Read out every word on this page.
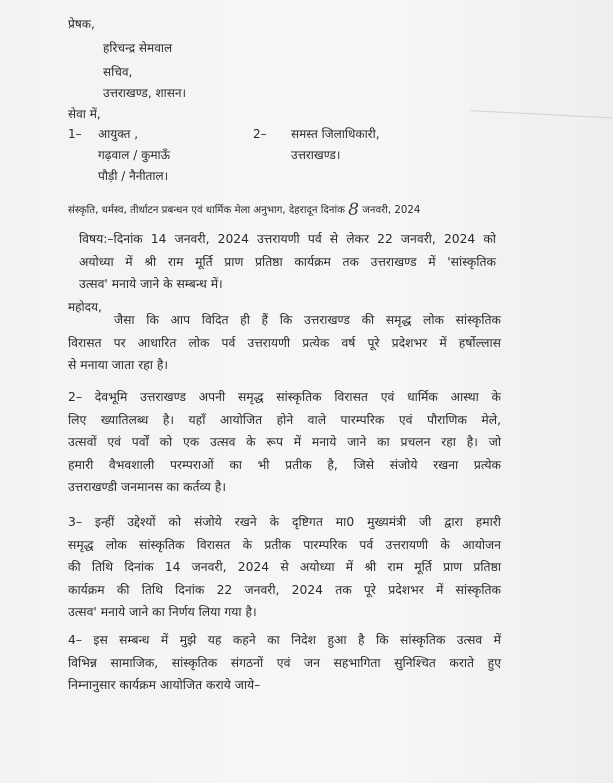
प्रेषक,
हरिचन्द्र सेमवाल
सचिव,
उत्तराखण्ड, शासन।
सेवा में,
1– आयुक्त ,
गढ़वाल / कुमाऊँ
पौड़ी / नैनीताल।
2– समस्त जिलाधिकारी,
उत्तराखण्ड।
संस्कृति, धर्मस्व, तीर्थाटन प्रबन्धन एवं धार्मिक मेला अनुभाग, देहरादून दिनांक 8 जनवरी, 2024
विषय:–दिनांक 14 जनवरी, 2024 उत्तरायणी पर्व से लेकर 22 जनवरी, 2024 को
अयोध्या में श्री राम मूर्ति प्राण प्रतिष्ठा कार्यक्रम तक उत्तराखण्ड में 'सांस्कृतिक
उत्सव' मनाये जाने के सम्बन्ध में।
महोदय,
जैसा कि आप विदित ही हैं कि उत्तराखण्ड की समृद्ध लोक सांस्कृतिक
विरासत पर आधारित लोक पर्व उत्तरायणी प्रत्येक वर्ष पूरे प्रदेशभर में हर्षोल्लास
से मनाया जाता रहा है।
2– देवभूमि उत्तराखण्ड अपनी समृद्ध सांस्कृतिक विरासत एवं धार्मिक आस्था के
लिए ख्यातिलब्ध है। यहाँ आयोजित होने वाले पारम्परिक एवं पौराणिक मेले,
उत्सवों एवं पर्वों को एक उत्सव के रूप में मनाये जाने का प्रचलन रहा है। जो
हमारी वैभवशाली परम्पराओं का भी प्रतीक है, जिसे संजोये रखना प्रत्येक
उत्तराखण्डी जनमानस का कर्तव्य है।
3– इन्हीं उद्देश्यों को संजोये रखने के दृष्टिगत मा0 मुख्यमंत्री जी द्वारा हमारी
समृद्ध लोक सांस्कृतिक विरासत के प्रतीक पारम्परिक पर्व उत्तरायणी के आयोजन
की तिथि दिनांक 14 जनवरी, 2024 से अयोध्या में श्री राम मूर्ति प्राण प्रतिष्ठा
कार्यक्रम की तिथि दिनांक 22 जनवरी, 2024 तक पूरे प्रदेशभर में सांस्कृतिक
उत्सव' मनाये जाने का निर्णय लिया गया है।
4– इस सम्बन्ध में मुझे यह कहने का निदेश हुआ है कि सांस्कृतिक उत्सव में
विभिन्न सामाजिक, सांस्कृतिक संगठनों एवं जन सहभागिता सुनिश्चित कराते हुए
निम्नानुसार कार्यक्रम आयोजित कराये जाये–
